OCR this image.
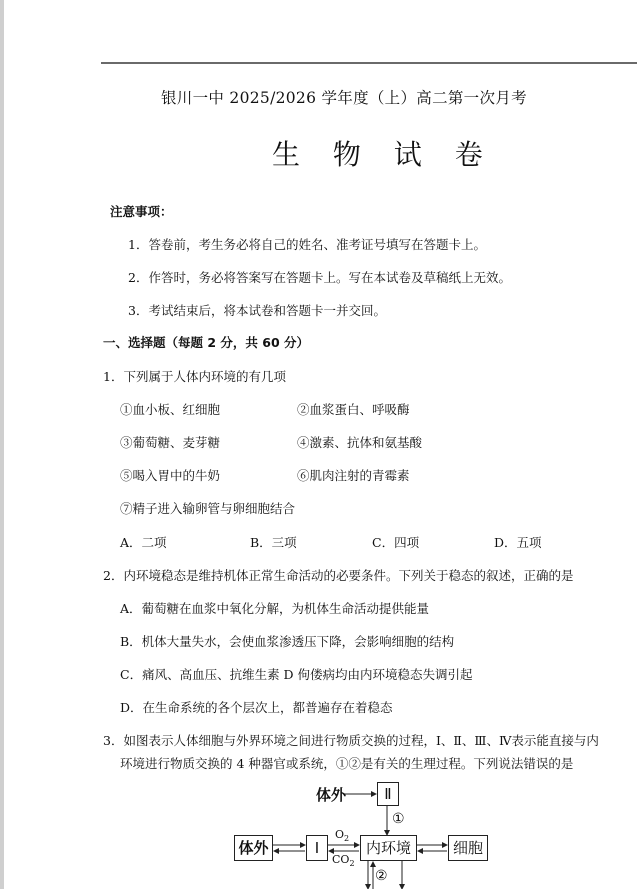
银川一中 2025/2026 学年度（上）高二第一次月考
生 物 试 卷
注意事项：
1．答卷前，考生务必将自己的姓名、准考证号填写在答题卡上。
2．作答时，务必将答案写在答题卡上。写在本试卷及草稿纸上无效。
3．考试结束后，将本试卷和答题卡一并交回。
一、选择题（每题 2 分，共 60 分）
1．下列属于人体内环境的有几项
①血小板、红细胞	②血浆蛋白、呼吸酶
③葡萄糖、麦芽糖	④激素、抗体和氨基酸
⑤喝入胃中的牛奶	⑥肌肉注射的青霉素
⑦精子进入输卵管与卵细胞结合
A．二项	B．三项	C．四项	D．五项
2．内环境稳态是维持机体正常生命活动的必要条件。下列关于稳态的叙述，正确的是
A．葡萄糖在血浆中氧化分解，为机体生命活动提供能量
B．机体大量失水，会使血浆渗透压下降，会影响细胞的结构
C．痛风、高血压、抗维生素 D 佝偻病均由内环境稳态失调引起
D．在生命系统的各个层次上，都普遍存在着稳态
3．如图表示人体细胞与外界环境之间进行物质交换的过程，Ⅰ、Ⅱ、Ⅲ、Ⅳ表示能直接与内
环境进行物质交换的 4 种器官或系统，①②是有关的生理过程。下列说法错误的是
体外	Ⅱ
①
体外	Ⅰ
$O_2$
$CO_2$
内环境	细胞
②
